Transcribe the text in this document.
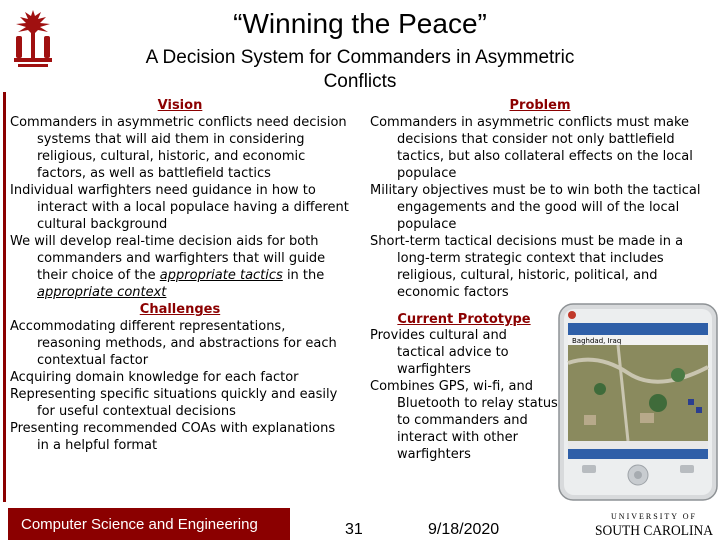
“Winning the Peace”
A Decision System for Commanders in Asymmetric Conflicts
Vision
Commanders in asymmetric conflicts need decision systems that will aid them in considering religious, cultural, historic, and economic factors, as well as battlefield tactics
Individual warfighters need guidance in how to interact with a local populace having a different cultural background
We will develop real-time decision aids for both commanders and warfighters that will guide their choice of the appropriate tactics in the appropriate context
Challenges
Accommodating different representations, reasoning methods, and abstractions for each contextual factor
Acquiring domain knowledge for each factor
Representing specific situations quickly and easily for useful contextual decisions
Presenting recommended COAs with explanations in a helpful format
Problem
Commanders in asymmetric conflicts must make decisions that consider not only battlefield tactics, but also collateral effects on the local populace
Military objectives must be to win both the tactical engagements and the good will of the local populace
Short-term tactical decisions must be made in a long-term strategic context that includes religious, cultural, historic, political, and economic factors
Current Prototype
Provides cultural and tactical advice to warfighters
Combines GPS, wi-fi, and Bluetooth to relay status to commanders and interact with other warfighters
Baghdad, Iraq
Computer Science and Engineering	31	9/18/2020
UNIVERSITY OF
SOUTH CAROLINA
